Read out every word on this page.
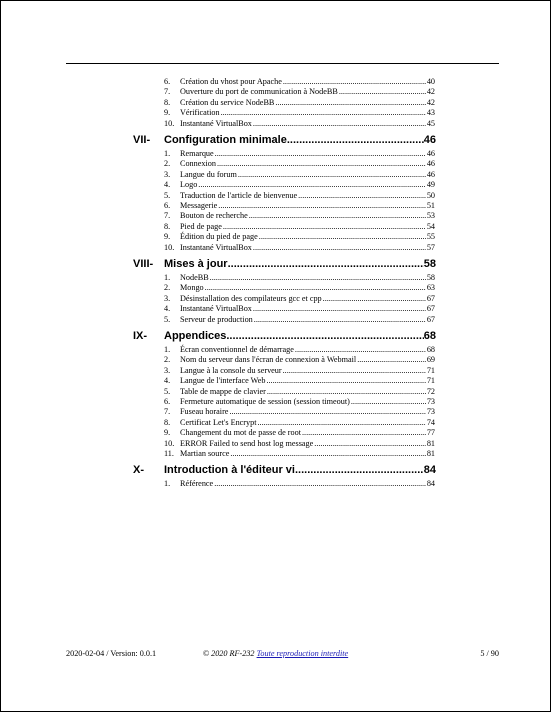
6.	Création du vhost pour Apache .....	40
7.	Ouverture du port de communication à NodeBB .....	42
8.	Création du service NodeBB .....	42
9.	Vérification .....	43
10. Instantané VirtualBox .....	45
VII-	Configuration minimale .....	46
1.	Remarque .....	46
2.	Connexion .....	46
3.	Langue du forum .....	46
4.	Logo .....	49
5.	Traduction de l'article de bienvenue .....	50
6.	Messagerie .....	51
7.	Bouton de recherche .....	53
8.	Pied de page .....	54
9.	Édition du pied de page .....	55
10. Instantané VirtualBox .....	57
VIII- Mises à jour .....	58
1.	NodeBB .....	58
2.	Mongo .....	63
3.	Désinstallation des compilateurs gcc et cpp .....	67
4.	Instantané VirtualBox .....	67
5.	Serveur de production .....	67
IX-	Appendices .....	68
1.	Écran conventionnel de démarrage .....	68
2.	Nom du serveur dans l'écran de connexion à Webmail .....	69
3.	Langue à la console du serveur .....	71
4.	Langue de l'interface Web .....	71
5.	Table de mappe de clavier .....	72
6.	Fermeture automatique de session (session timeout) .....	73
7.	Fuseau horaire .....	73
8.	Certificat Let's Encrypt .....	74
9.	Changement du mot de passe de root .....	77
10. ERROR Failed to send host log message .....	81
11. Martian source .....	81
X-	Introduction à l'éditeur vi .....	84
1.	Référence .....	84
2020-02-04 / Version: 0.0.1	© 2020 RF-232 Toute reproduction interdite	5 / 90
